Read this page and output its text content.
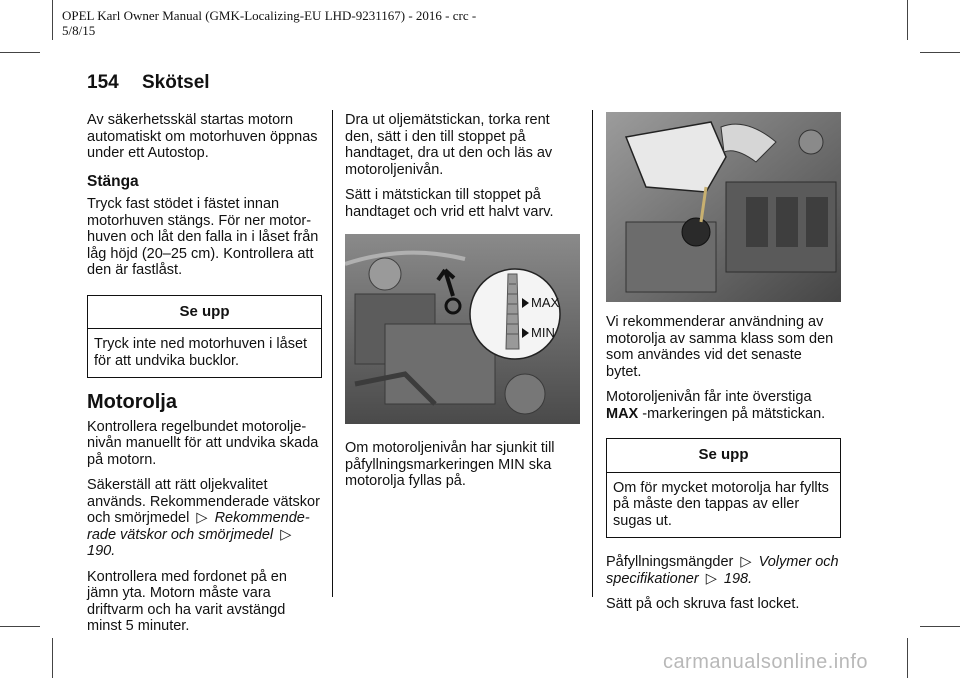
OPEL Karl Owner Manual (GMK-Localizing-EU LHD-9231167) - 2016 - crc -
5/8/15
154 Skötsel

Av säkerhetsskäl startas motorn automatiskt om motorhuven öppnas under ett Autostop.

Stänga

Tryck fast stödet i fästet innan motorhuven stängs. För ner motor-huven och låt den falla in i låset från låg höjd (20–25 cm). Kontrollera att den är fastlåst.

Se upp
Tryck inte ned motorhuven i låset för att undvika bucklor.
Motorolja

Kontrollera regelbundet motorolje-nivån manuellt för att undvika skada på motorn.

Säkerställ att rätt oljekvalitet används. Rekommenderade vätskor och smörjmedel ▷ Rekommende-rade vätskor och smörjmedel ▷ 190.

Kontrollera med fordonet på en jämn yta. Motorn måste vara driftvarm och ha varit avstängd minst 5 minuter.

Dra ut oljemätstickan, torka rent den, sätt i den till stoppet på handtaget, dra ut den och läs av motoroljenivån.

Sätt i mätstickan till stoppet på handtaget och vrid ett halvt varv.

MAX
MIN

Om motoroljenivån har sjunkit till påfyllningsmarkeringen MIN ska motorolja fyllas på.

Vi rekommenderar användning av motorolja av samma klass som den som användes vid det senaste bytet.

Motoroljenivån får inte överstiga MAX -markeringen på mätstickan.

Se upp
Om för mycket motorolja har fyllts på måste den tappas av eller sugas ut.

Påfyllningsmängder ▷ Volymer och specifikationer ▷ 198.

Sätt på och skruva fast locket.

carmanualsonline.info
